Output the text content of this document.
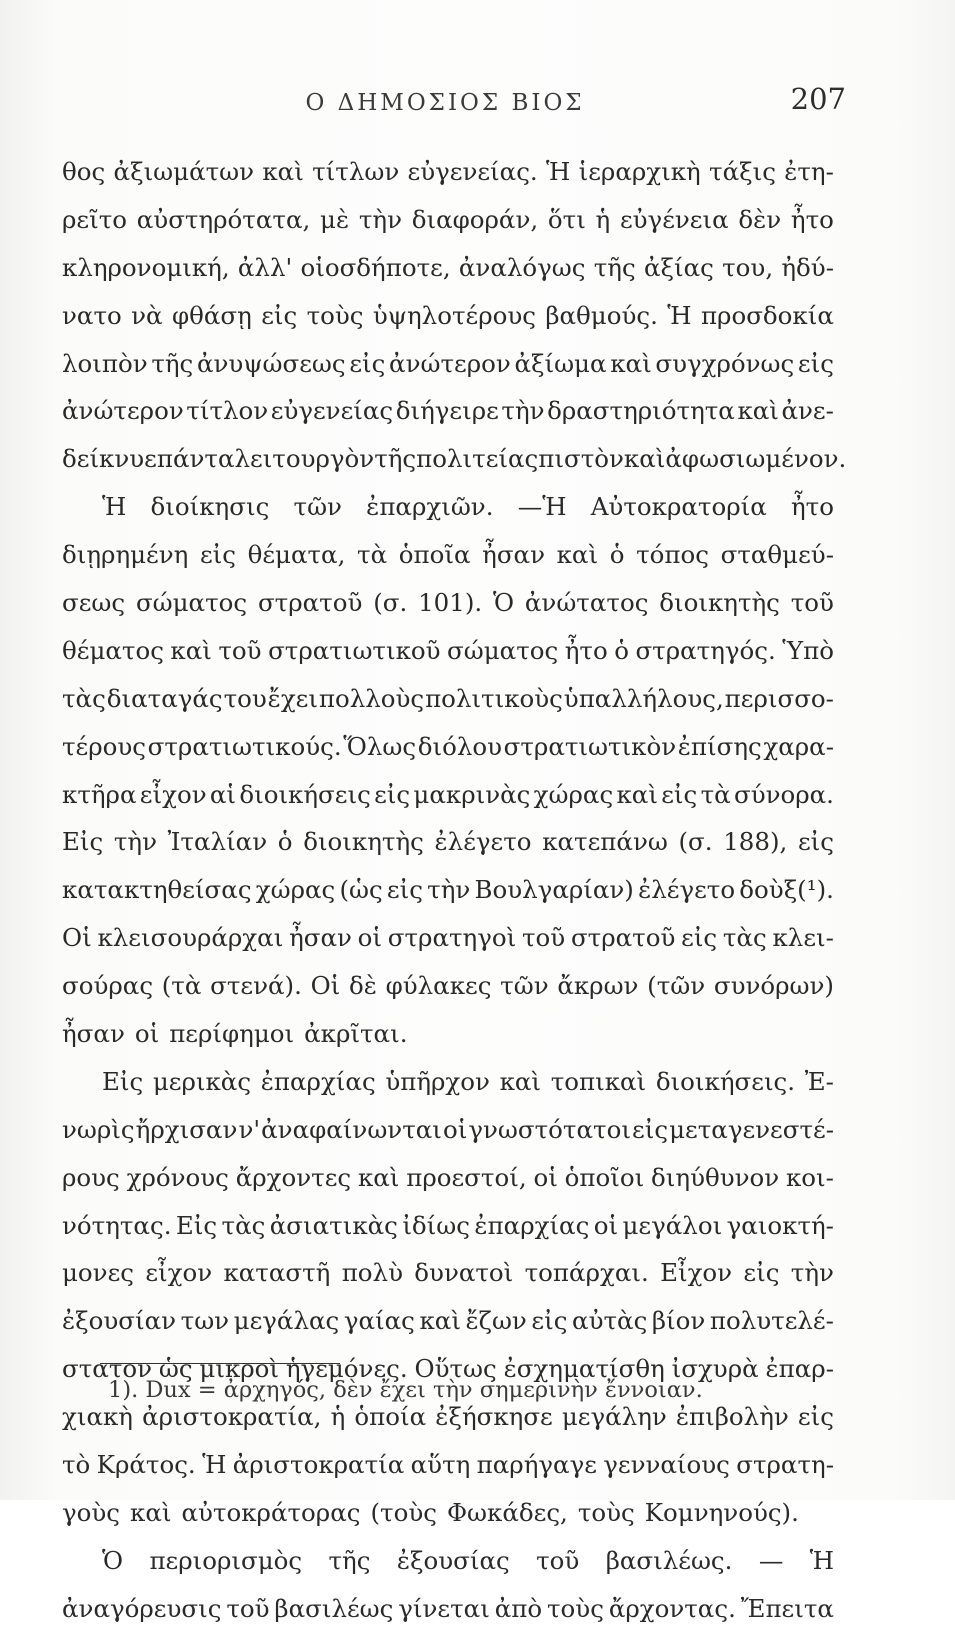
Ο ΔΗΜΟΣΙΟΣ ΒΙΟΣ	207
θος ἀξιωμάτων καὶ τίτλων εὐγενείας. Ἡ ἱεραρχικὴ τάξις ἐτη-
ρεῖτο αὐστηρότατα, μὲ τὴν διαφοράν, ὅτι ἡ εὐγένεια δὲν ἦτο
κληρονομική, ἀλλ' οἱοσδήποτε, ἀναλόγως τῆς ἀξίας του, ἠδύ-
νατο νὰ φθάσῃ εἰς τοὺς ὑψηλοτέρους βαθμούς. Ἡ προσδοκία
λοιπὸν τῆς ἀνυψώσεως εἰς ἀνώτερον ἀξίωμα καὶ συγχρόνως εἰς
ἀνώτερον τίτλον εὐγενείας διήγειρε τὴν δραστηριότητα καὶ ἀνε-
δείκνυε πάντα λειτουργὸν τῆς πολιτείας πιστὸν καὶ ἀφωσιωμένον.
Ἡ διοίκησις τῶν ἐπαρχιῶν. —Ἡ Αὐτοκρατορία ἦτο
διῃρημένη εἰς θέματα, τὰ ὁποῖα ἦσαν καὶ ὁ τόπος σταθμεύ-
σεως σώματος στρατοῦ (σ. 101). Ὁ ἀνώτατος διοικητὴς τοῦ
θέματος καὶ τοῦ στρατιωτικοῦ σώματος ἦτο ὁ στρατηγός. Ὑπὸ
τὰς διαταγάς του ἔχει πολλοὺς πολιτικοὺς ὑπαλλήλους, περισσο-
τέρους στρατιωτικούς. Ὅλως διόλου στρατιωτικὸν ἐπίσης χαρα-
κτῆρα εἶχον αἱ διοικήσεις εἰς μακρινὰς χώρας καὶ εἰς τὰ σύνορα.
Εἰς τὴν Ἰταλίαν ὁ διοικητὴς ἐλέγετο κατεπάνω (σ. 188), εἰς
κατακτηθείσας χώρας (ὡς εἰς τὴν Βουλγαρίαν) ἐλέγετο δοὺξ(¹).
Οἱ κλεισουράρχαι ἦσαν οἱ στρατηγοὶ τοῦ στρατοῦ εἰς τὰς κλει-
σούρας (τὰ στενά). Οἱ δὲ φύλακες τῶν ἄκρων (τῶν συνόρων)
ἦσαν οἱ περίφημοι ἀκρῖται.
Εἰς μερικὰς ἐπαρχίας ὑπῆρχον καὶ τοπικαὶ διοικήσεις. Ἐ-
νωρὶς ἤρχισαν ν' ἀναφαίνωνται οἱ γνωστότατοι εἰς μεταγενεστέ-
ρους χρόνους ἄρχοντες καὶ προεστοί, οἱ ὁποῖοι διηύθυνον κοι-
νότητας. Εἰς τὰς ἀσιατικὰς ἰδίως ἐπαρχίας οἱ μεγάλοι γαιοκτή-
μονες εἶχον καταστῆ πολὺ δυνατοὶ τοπάρχαι. Εἶχον εἰς τὴν
ἐξουσίαν των μεγάλας γαίας καὶ ἔζων εἰς αὐτὰς βίον πολυτελέ-
στατον ὡς μικροὶ ἡγεμόνες. Οὕτως ἐσχηματίσθη ἰσχυρὰ ἐπαρ-
χιακὴ ἀριστοκρατία, ἡ ὁποία ἐξήσκησε μεγάλην ἐπιβολὴν εἰς
τὸ Κράτος. Ἡ ἀριστοκρατία αὕτη παρήγαγε γενναίους στρατη-
γοὺς καὶ αὐτοκράτορας (τοὺς Φωκάδες, τοὺς Κομνηνούς).
Ὁ περιορισμὸς τῆς ἐξουσίας τοῦ βασιλέως. — Ἡ
ἀναγόρευσις τοῦ βασιλέως γίνεται ἀπὸ τοὺς ἄρχοντας. Ἔπειτα
1). Dux = ἀρχηγός, δὲν ἔχει τὴν σημερινὴν ἔννοιαν.
